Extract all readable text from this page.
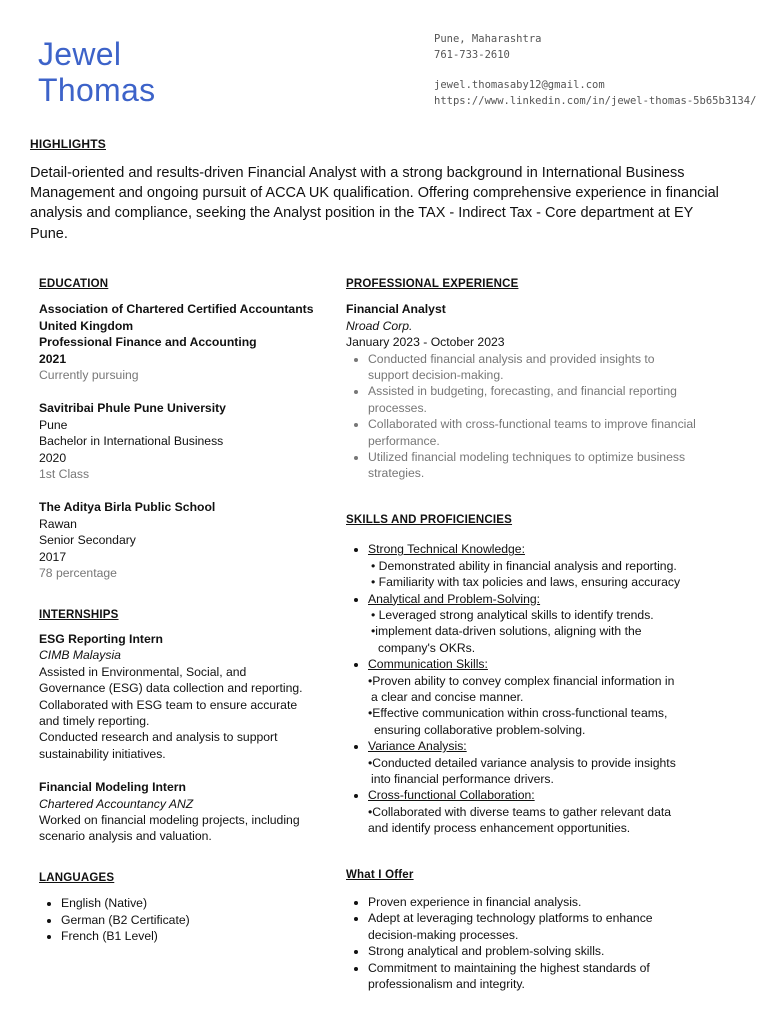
Jewel
Thomas
Pune, Maharashtra
761-733-2610
jewel.thomasaby12@gmail.com
https://www.linkedin.com/in/jewel-thomas-5b65b3134/
HIGHLIGHTS
Detail-oriented and results-driven Financial Analyst with a strong background in International Business Management and ongoing pursuit of ACCA UK qualification. Offering comprehensive experience in financial analysis and compliance, seeking the Analyst position in the TAX - Indirect Tax - Core department at EY Pune.
EDUCATION
Association of Chartered Certified Accountants
United Kingdom
Professional Finance and Accounting
2021
Currently pursuing
Savitribai Phule Pune University
Pune
Bachelor in International Business
2020
1st Class
The Aditya Birla Public School
Rawan
Senior Secondary
2017
78 percentage
INTERNSHIPS
ESG Reporting Intern
CIMB Malaysia
Assisted in Environmental, Social, and
Governance (ESG) data collection and reporting.
Collaborated with ESG team to ensure accurate
and timely reporting.
Conducted research and analysis to support
sustainability initiatives.
Financial Modeling Intern
Chartered Accountancy ANZ
Worked on financial modeling projects, including
scenario analysis and valuation.
LANGUAGES
• English (Native)
• German (B2 Certificate)
• French (B1 Level)
PROFESSIONAL EXPERIENCE
Financial Analyst
Nroad Corp.
January 2023 - October 2023
• Conducted financial analysis and provided insights to support decision-making.
• Assisted in budgeting, forecasting, and financial reporting processes.
• Collaborated with cross-functional teams to improve financial performance.
• Utilized financial modeling techniques to optimize business strategies.
SKILLS AND PROFICIENCIES
• Strong Technical Knowledge:
• Demonstrated ability in financial analysis and reporting.
• Familiarity with tax policies and laws, ensuring accuracy
• Analytical and Problem-Solving:
• Leveraged strong analytical skills to identify trends.
•implement data-driven solutions, aligning with the
company's OKRs.
• Communication Skills:
•Proven ability to convey complex financial information in
a clear and concise manner.
•Effective communication within cross-functional teams,
ensuring collaborative problem-solving.
• Variance Analysis:
•Conducted detailed variance analysis to provide insights
into financial performance drivers.
• Cross-functional Collaboration:
•Collaborated with diverse teams to gather relevant data
and identify process enhancement opportunities.
What I Offer
• Proven experience in financial analysis.
• Adept at leveraging technology platforms to enhance decision-making processes.
• Strong analytical and problem-solving skills.
• Commitment to maintaining the highest standards of professionalism and integrity.
